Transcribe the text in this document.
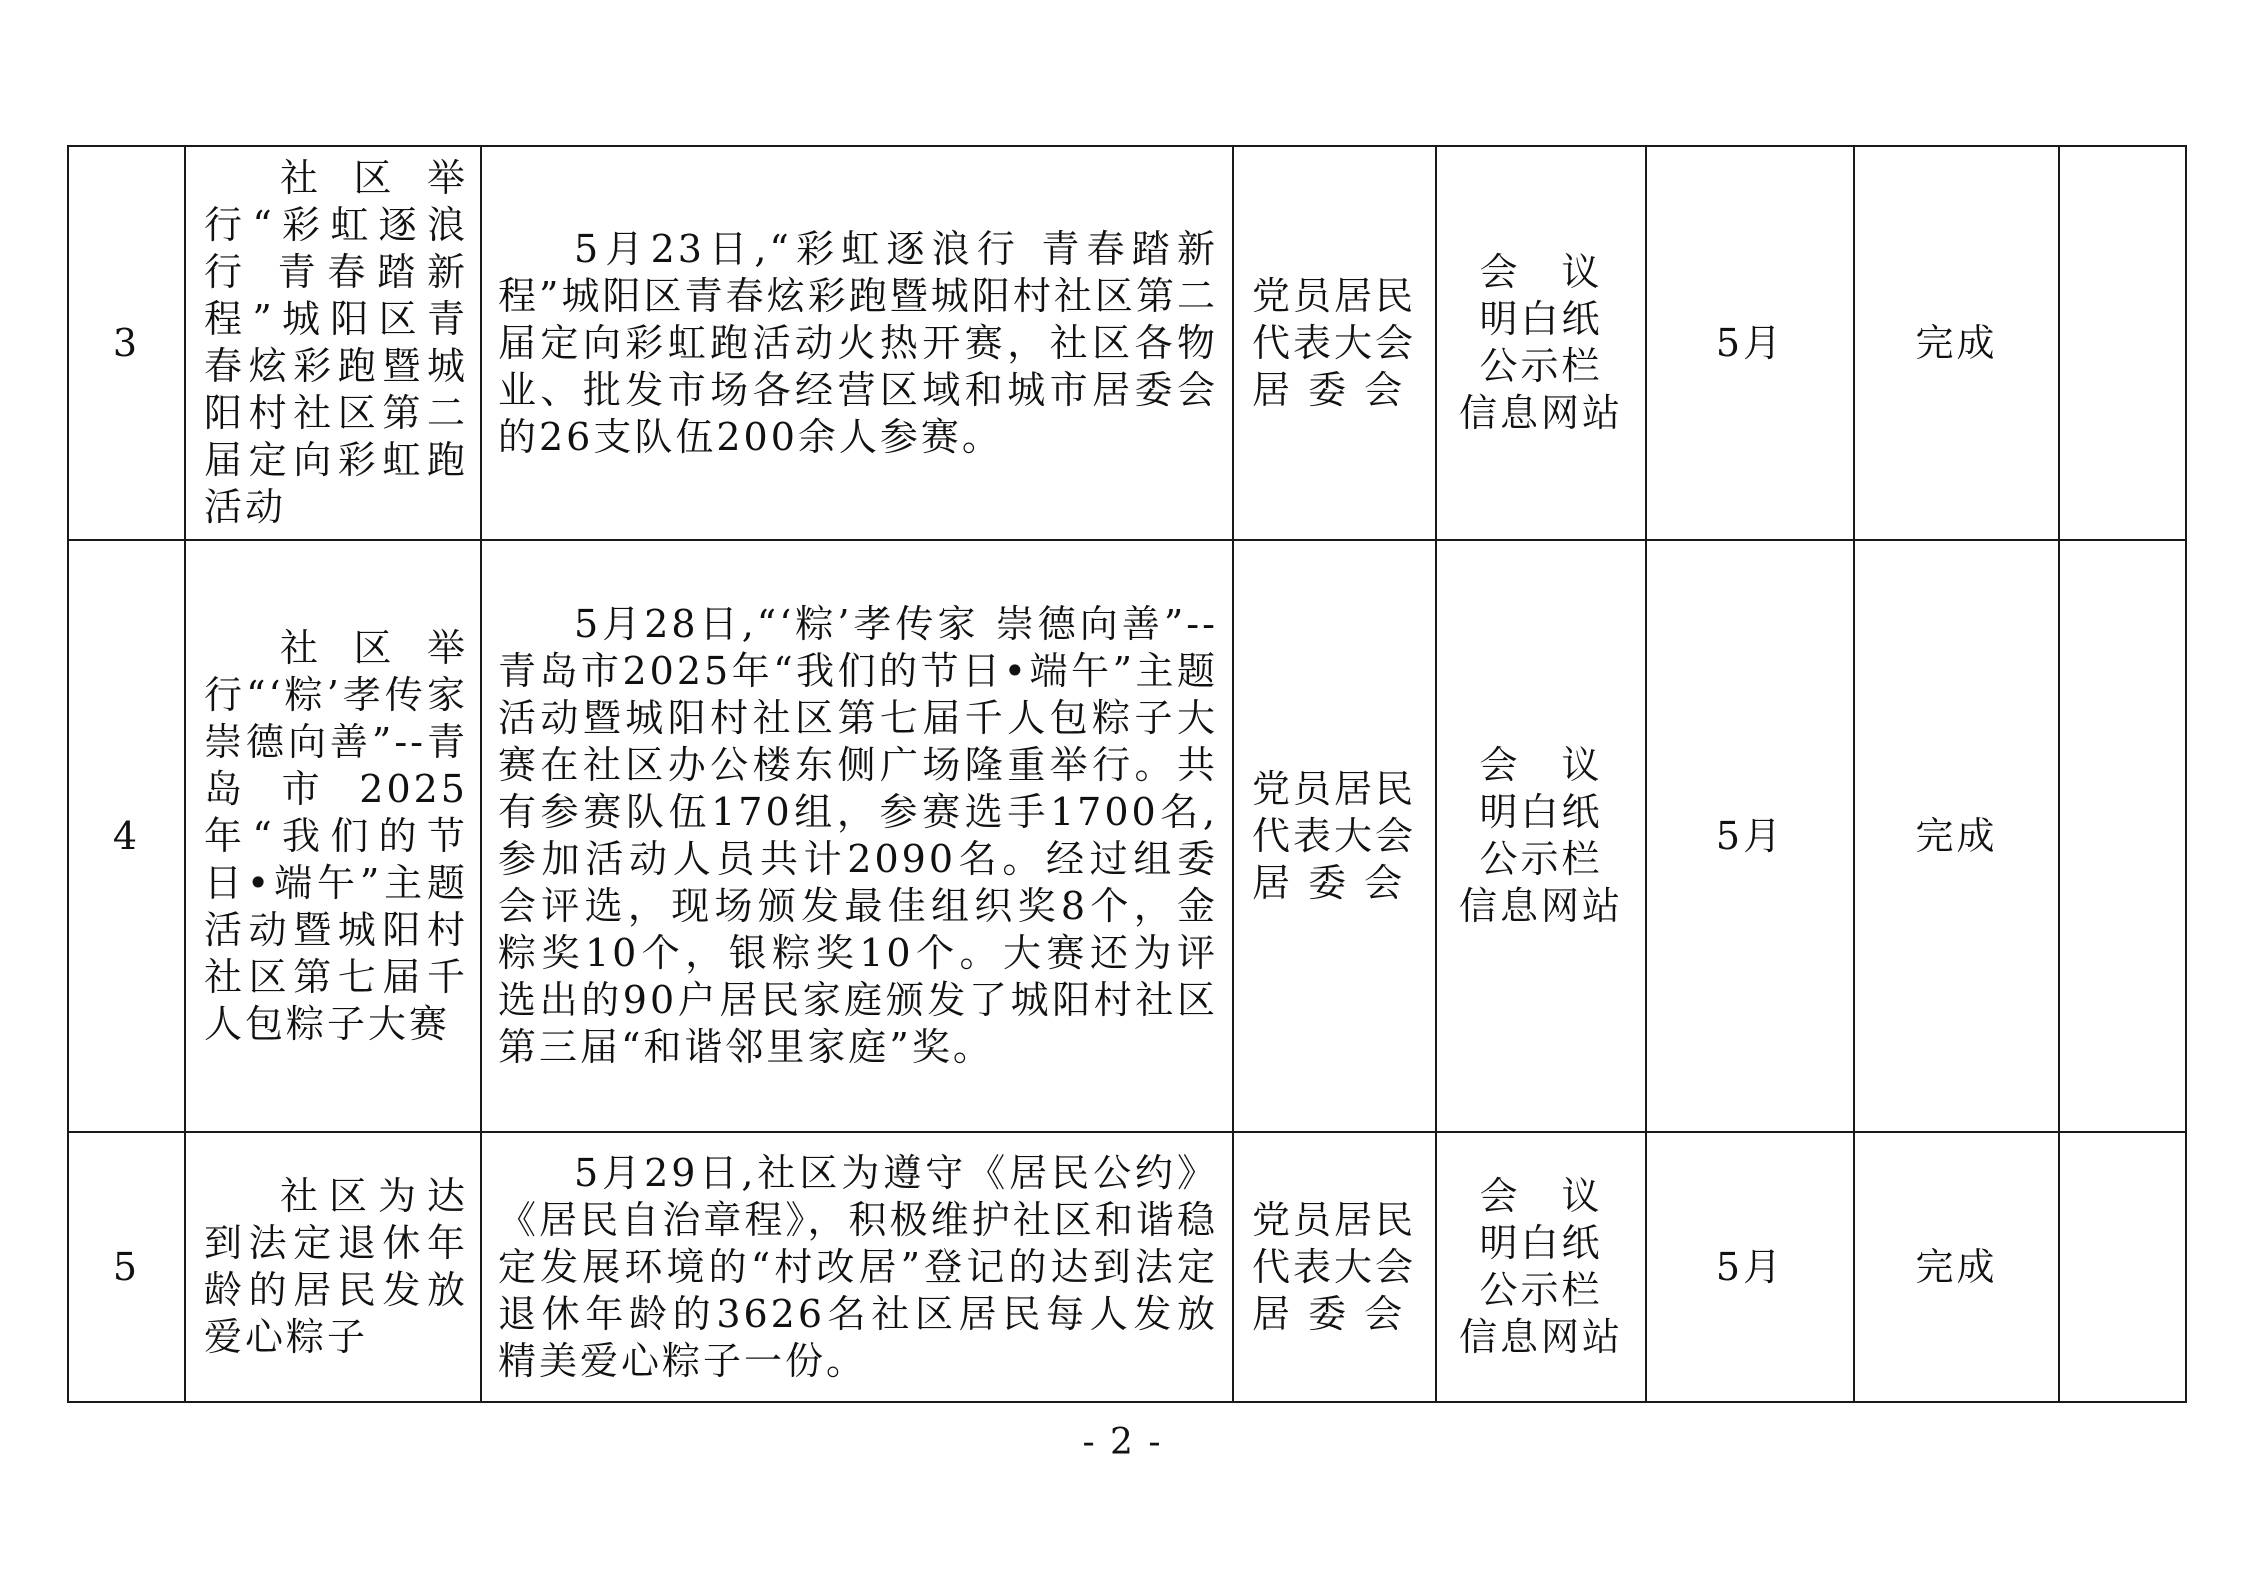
3	社区举行“彩虹逐浪行 青春踏新程”城阳区青春炫彩跑暨城阳村社区第二届定向彩虹跑活动	5月23日,“彩虹逐浪行 青春踏新程”城阳区青春炫彩跑暨城阳村社区第二届定向彩虹跑活动火热开赛，社区各物业、批发市场各经营区域和城市居委会的26支队伍200余人参赛。	党员居民
代表大会
居 委 会	会　议
明白纸
公示栏
信息网站	5月	完成	
4	社区举行“‘粽’孝传家 崇德向善”--青岛市2025年“我们的节日•端午”主题活动暨城阳村社区第七届千人包粽子大赛	5月28日,“‘粽’孝传家 崇德向善”--青岛市2025年“我们的节日•端午”主题活动暨城阳村社区第七届千人包粽子大赛在社区办公楼东侧广场隆重举行。共有参赛队伍170组，参赛选手1700名,参加活动人员共计2090名。经过组委会评选，现场颁发最佳组织奖8个，金粽奖10个，银粽奖10个。大赛还为评选出的90户居民家庭颁发了城阳村社区第三届“和谐邻里家庭”奖。	党员居民
代表大会
居 委 会	会　议
明白纸
公示栏
信息网站	5月	完成	
5	社区为达到法定退休年龄的居民发放爱心粽子	5月29日,社区为遵守《居民公约》《居民自治章程》，积极维护社区和谐稳定发展环境的“村改居”登记的达到法定退休年龄的3626名社区居民每人发放精美爱心粽子一份。	党员居民
代表大会
居 委 会	会　议
明白纸
公示栏
信息网站	5月	完成	
- 2 -
